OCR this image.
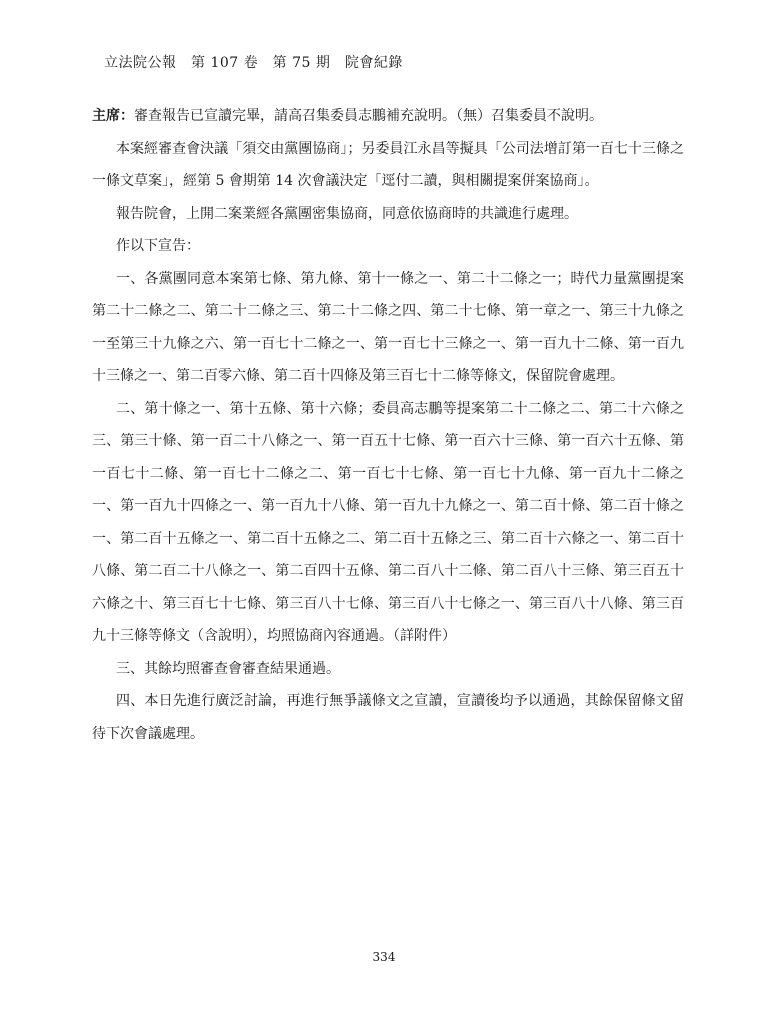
立法院公報　第 107 卷　第 75 期　院會紀錄

主席：審查報告已宣讀完畢，請高召集委員志鵬補充說明。（無）召集委員不說明。

本案經審查會決議「須交由黨團協商」；另委員江永昌等擬具「公司法增訂第一百七十三條之一條文草案」，經第 5 會期第 14 次會議決定「逕付二讀，與相關提案併案協商」。

報告院會，上開二案業經各黨團密集協商，同意依協商時的共識進行處理。

作以下宣告：

一、各黨團同意本案第七條、第九條、第十一條之一、第二十二條之一；時代力量黨團提案第二十二條之二、第二十二條之三、第二十二條之四、第二十七條、第一章之一、第三十九條之一至第三十九條之六、第一百七十二條之一、第一百七十三條之一、第一百九十二條、第一百九十三條之一、第二百零六條、第二百十四條及第三百七十二條等條文，保留院會處理。

二、第十條之一、第十五條、第十六條；委員高志鵬等提案第二十二條之二、第二十六條之三、第三十條、第一百二十八條之一、第一百五十七條、第一百六十三條、第一百六十五條、第一百七十二條、第一百七十二條之二、第一百七十七條、第一百七十九條、第一百九十二條之一、第一百九十四條之一、第一百九十八條、第一百九十九條之一、第二百十條、第二百十條之一、第二百十五條之一、第二百十五條之二、第二百十五條之三、第二百十六條之一、第二百十八條、第二百二十八條之一、第二百四十五條、第二百八十二條、第二百八十三條、第三百五十六條之十、第三百七十七條、第三百八十七條、第三百八十七條之一、第三百八十八條、第三百九十三條等條文（含說明），均照協商內容通過。（詳附件）

三、其餘均照審查會審查結果通過。

四、本日先進行廣泛討論，再進行無爭議條文之宣讀，宣讀後均予以通過，其餘保留條文留待下次會議處理。

334
